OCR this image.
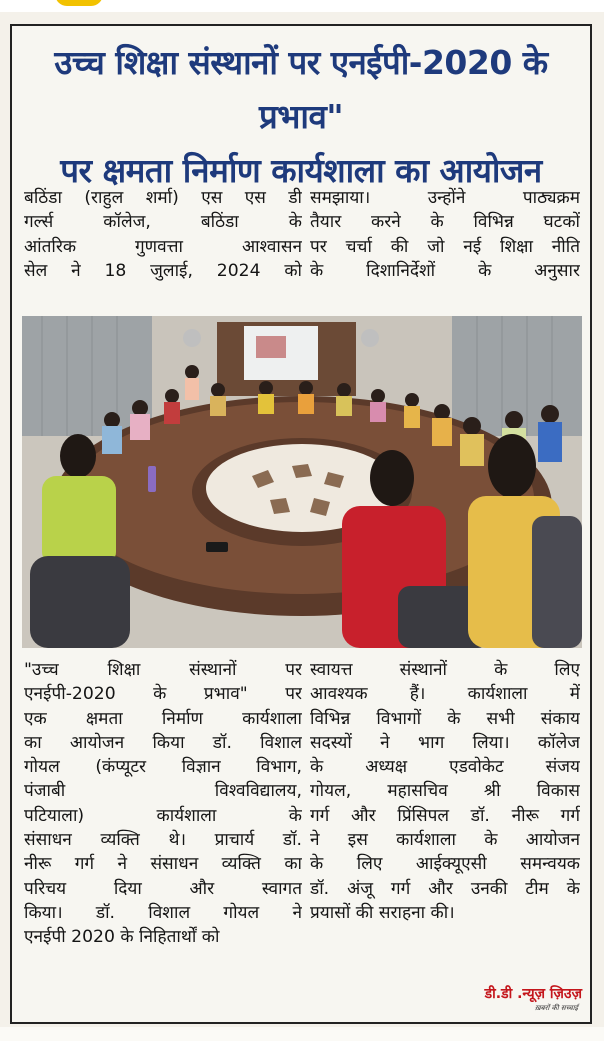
उच्च शिक्षा संस्थानों पर एनईपी-2020 के प्रभाव"
पर क्षमता निर्माण कार्यशाला का आयोजन
बठिंडा (राहुल शर्मा) एस एस डी
गर्ल्स कॉलेज, बठिंडा के
आंतरिक गुणवत्ता आश्वासन
सेल ने 18 जुलाई, 2024 को
समझाया। उन्होंने पाठ्यक्रम
तैयार करने के विभिन्न घटकों
पर चर्चा की जो नई शिक्षा नीति
के दिशानिर्देशों के अनुसार
"उच्च शिक्षा संस्थानों पर
एनईपी-2020 के प्रभाव" पर
एक क्षमता निर्माण कार्यशाला
का आयोजन किया डॉ. विशाल
गोयल (कंप्यूटर विज्ञान विभाग,
पंजाबी विश्वविद्यालय,
पटियाला) कार्यशाला के
संसाधन व्यक्ति थे। प्राचार्य डॉ.
नीरू गर्ग ने संसाधन व्यक्ति का
परिचय दिया और स्वागत
किया। डॉ. विशाल गोयल ने
एनईपी 2020 के निहितार्थों को
स्वायत्त संस्थानों के लिए
आवश्यक हैं। कार्यशाला में
विभिन्न विभागों के सभी संकाय
सदस्यों ने भाग लिया। कॉलेज
के अध्यक्ष एडवोकेट संजय
गोयल, महासचिव श्री विकास
गर्ग और प्रिंसिपल डॉ. नीरू गर्ग
ने इस कार्यशाला के आयोजन
के लिए आईक्यूएसी समन्वयक
डॉ. अंजू गर्ग और उनकी टीम के
प्रयासों की सराहना की।
डी.डी .न्यूज़ ज़िउज़
ख़बरों की सच्चाई
